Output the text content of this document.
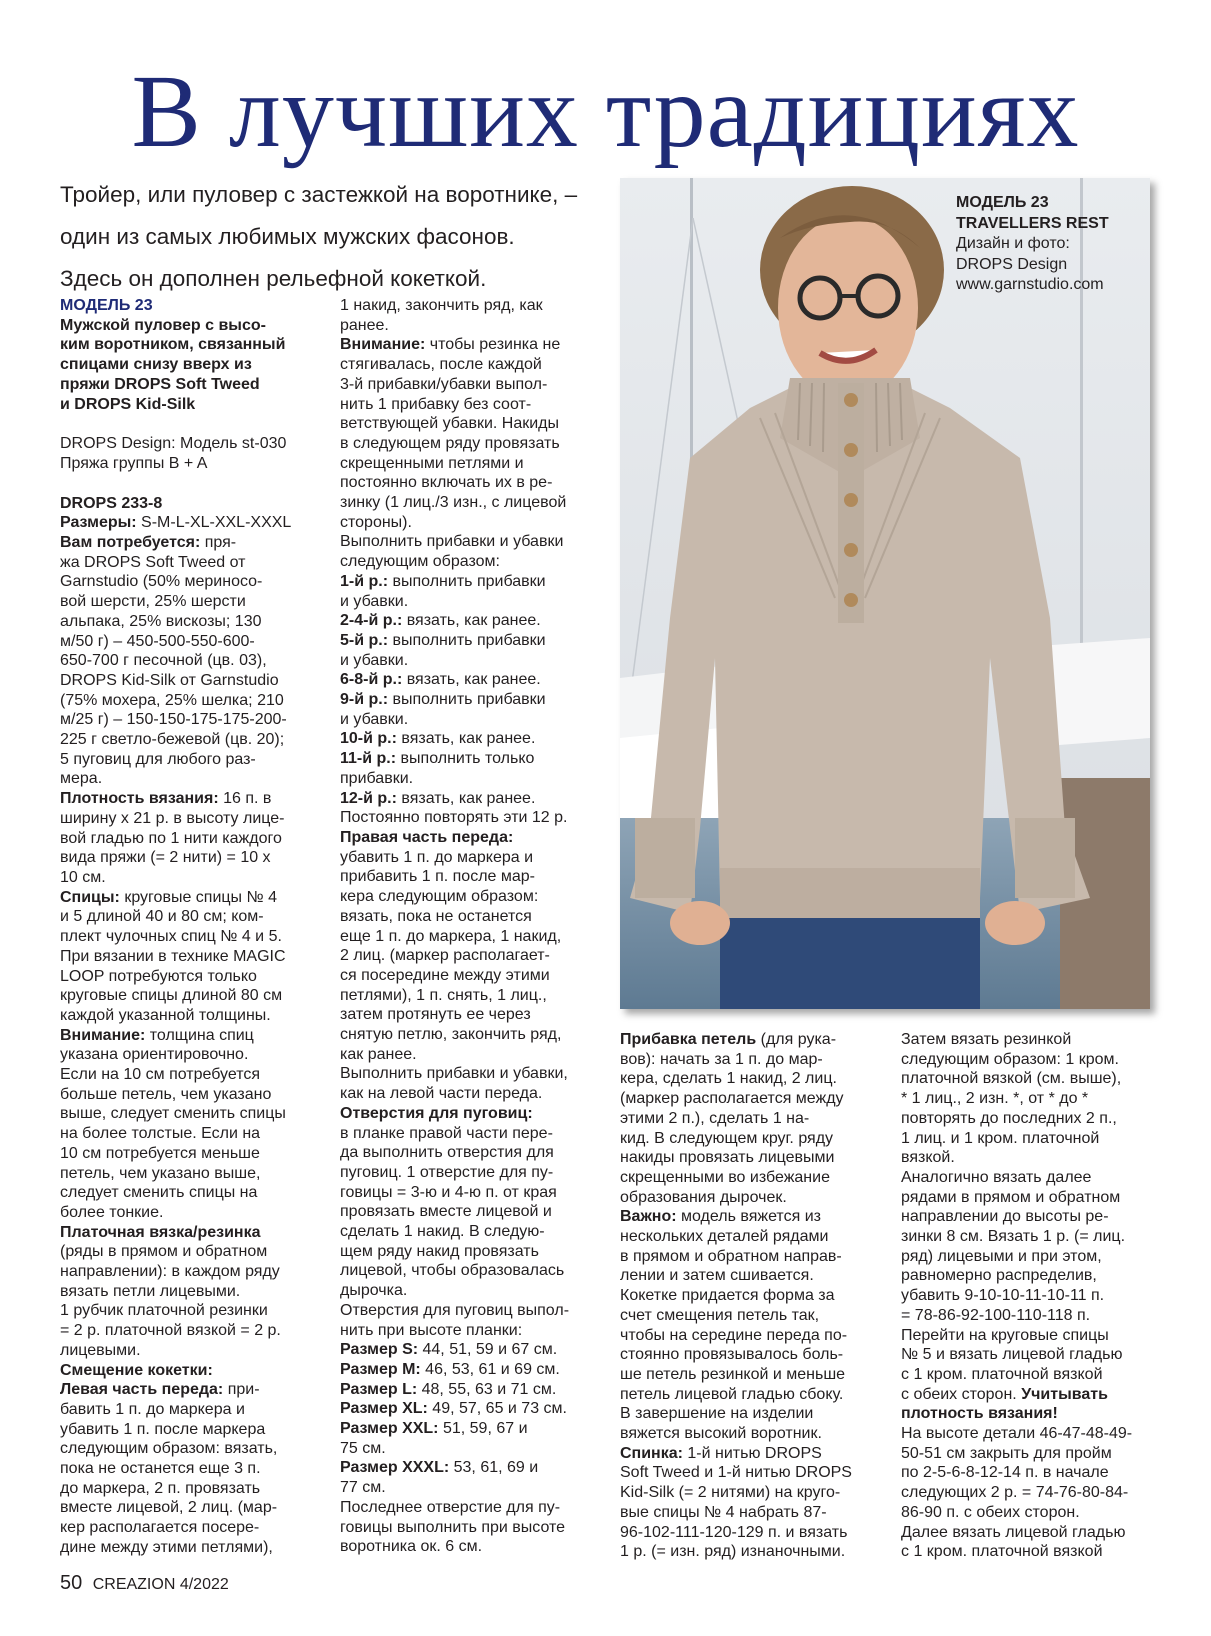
В лучших традициях
Тройер, или пуловер с застежкой на воротнике, –
один из самых любимых мужских фасонов.
Здесь он дополнен рельефной кокеткой.
МОДЕЛЬ 23
TRAVELLERS REST
Дизайн и фото:
DROPS Design
www.garnstudio.com
МОДЕЛЬ 23
Мужской пуловер с высо-
ким воротником, связанный
спицами снизу вверх из
пряжи DROPS Soft Tweed
и DROPS Kid-Silk
DROPS Design: Модель st-030
Пряжа группы B + A
DROPS 233-8
Размеры: S-M-L-XL-XXL-XXXL
Вам потребуется: пря-
жа DROPS Soft Tweed от
Garnstudio (50% мериносо-
вой шерсти, 25% шерсти
альпака, 25% вискозы; 130
м/50 г) – 450-500-550-600-
650-700 г песочной (цв. 03),
DROPS Kid-Silk от Garnstudio
(75% мохера, 25% шелка; 210
м/25 г) – 150-150-175-175-200-
225 г светло-бежевой (цв. 20);
5 пуговиц для любого раз-
мера.
Плотность вязания: 16 п. в
ширину х 21 р. в высоту лице-
вой гладью по 1 нити каждого
вида пряжи (= 2 нити) = 10 х
10 см.
Спицы: круговые спицы № 4
и 5 длиной 40 и 80 см; ком-
плект чулочных спиц № 4 и 5.
При вязании в технике MAGIC
LOOP потребуются только
круговые спицы длиной 80 см
каждой указанной толщины.
Внимание: толщина спиц
указана ориентировочно.
Если на 10 см потребуется
больше петель, чем указано
выше, следует сменить спицы
на более толстые. Если на
10 см потребуется меньше
петель, чем указано выше,
следует сменить спицы на
более тонкие.
Платочная вязка/резинка
(ряды в прямом и обратном
направлении): в каждом ряду
вязать петли лицевыми.
1 рубчик платочной резинки
= 2 р. платочной вязкой = 2 р.
лицевыми.
Смещение кокетки:
Левая часть переда: при-
бавить 1 п. до маркера и
убавить 1 п. после маркера
следующим образом: вязать,
пока не останется еще 3 п.
до маркера, 2 п. провязать
вместе лицевой, 2 лиц. (мар-
кер располагается посере-
дине между этими петлями),
1 накид, закончить ряд, как
ранее.
Внимание: чтобы резинка не
стягивалась, после каждой
3-й прибавки/убавки выпол-
нить 1 прибавку без соот-
ветствующей убавки. Накиды
в следующем ряду провязать
скрещенными петлями и
постоянно включать их в ре-
зинку (1 лиц./3 изн., с лицевой
стороны).
Выполнить прибавки и убавки
следующим образом:
1-й р.: выполнить прибавки
и убавки.
2-4-й р.: вязать, как ранее.
5-й р.: выполнить прибавки
и убавки.
6-8-й р.: вязать, как ранее.
9-й р.: выполнить прибавки
и убавки.
10-й р.: вязать, как ранее.
11-й р.: выполнить только
прибавки.
12-й р.: вязать, как ранее.
Постоянно повторять эти 12 р.
Правая часть переда:
убавить 1 п. до маркера и
прибавить 1 п. после мар-
кера следующим образом:
вязать, пока не останется
еще 1 п. до маркера, 1 накид,
2 лиц. (маркер располагает-
ся посередине между этими
петлями), 1 п. снять, 1 лиц.,
затем протянуть ее через
снятую петлю, закончить ряд,
как ранее.
Выполнить прибавки и убавки,
как на левой части переда.
Отверстия для пуговиц:
в планке правой части пере-
да выполнить отверстия для
пуговиц. 1 отверстие для пу-
говицы = 3-ю и 4-ю п. от края
провязать вместе лицевой и
сделать 1 накид. В следую-
щем ряду накид провязать
лицевой, чтобы образовалась
дырочка.
Отверстия для пуговиц выпол-
нить при высоте планки:
Размер S: 44, 51, 59 и 67 см.
Размер M: 46, 53, 61 и 69 см.
Размер L: 48, 55, 63 и 71 см.
Размер XL: 49, 57, 65 и 73 см.
Размер XXL: 51, 59, 67 и
75 см.
Размер XXXL: 53, 61, 69 и
77 см.
Последнее отверстие для пу-
говицы выполнить при высоте
воротника ок. 6 см.
Прибавка петель (для рука-
вов): начать за 1 п. до мар-
кера, сделать 1 накид, 2 лиц.
(маркер располагается между
этими 2 п.), сделать 1 на-
кид. В следующем круг. ряду
накиды провязать лицевыми
скрещенными во избежание
образования дырочек.
Важно: модель вяжется из
нескольких деталей рядами
в прямом и обратном направ-
лении и затем сшивается.
Кокетке придается форма за
счет смещения петель так,
чтобы на середине переда по-
стоянно провязывалось боль-
ше петель резинкой и меньше
петель лицевой гладью сбоку.
В завершение на изделии
вяжется высокий воротник.
Спинка: 1-й нитью DROPS
Soft Tweed и 1-й нитью DROPS
Kid-Silk (= 2 нитями) на круго-
вые спицы № 4 набрать 87-
96-102-111-120-129 п. и вязать
1 р. (= изн. ряд) изнаночными.
Затем вязать резинкой
следующим образом: 1 кром.
платочной вязкой (см. выше),
* 1 лиц., 2 изн. *, от * до *
повторять до последних 2 п.,
1 лиц. и 1 кром. платочной
вязкой.
Аналогично вязать далее
рядами в прямом и обратном
направлении до высоты ре-
зинки 8 см. Вязать 1 р. (= лиц.
ряд) лицевыми и при этом,
равномерно распределив,
убавить 9-10-10-11-10-11 п.
= 78-86-92-100-110-118 п.
Перейти на круговые спицы
№ 5 и вязать лицевой гладью
с 1 кром. платочной вязкой
с обеих сторон. Учитывать
плотность вязания!
На высоте детали 46-47-48-49-
50-51 см закрыть для пройм
по 2-5-6-8-12-14 п. в начале
следующих 2 р. = 74-76-80-84-
86-90 п. с обеих сторон.
Далее вязать лицевой гладью
с 1 кром. платочной вязкой
50 CREAZION 4/2022
